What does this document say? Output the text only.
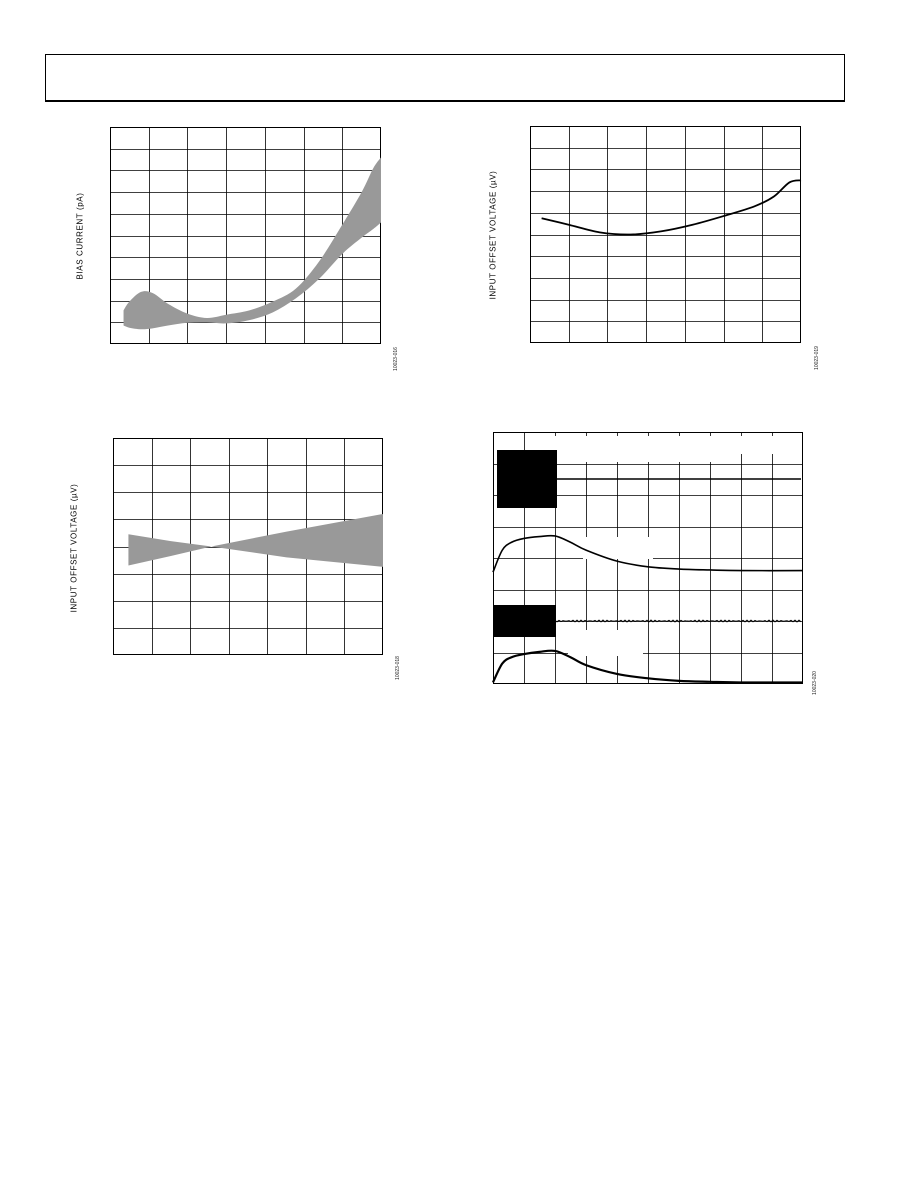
BIAS CURRENT (pA)
10023-016
INPUT OFFSET VOLTAGE (µV)
10023-019
INPUT OFFSET VOLTAGE (µV)
10023-018
10023-020
